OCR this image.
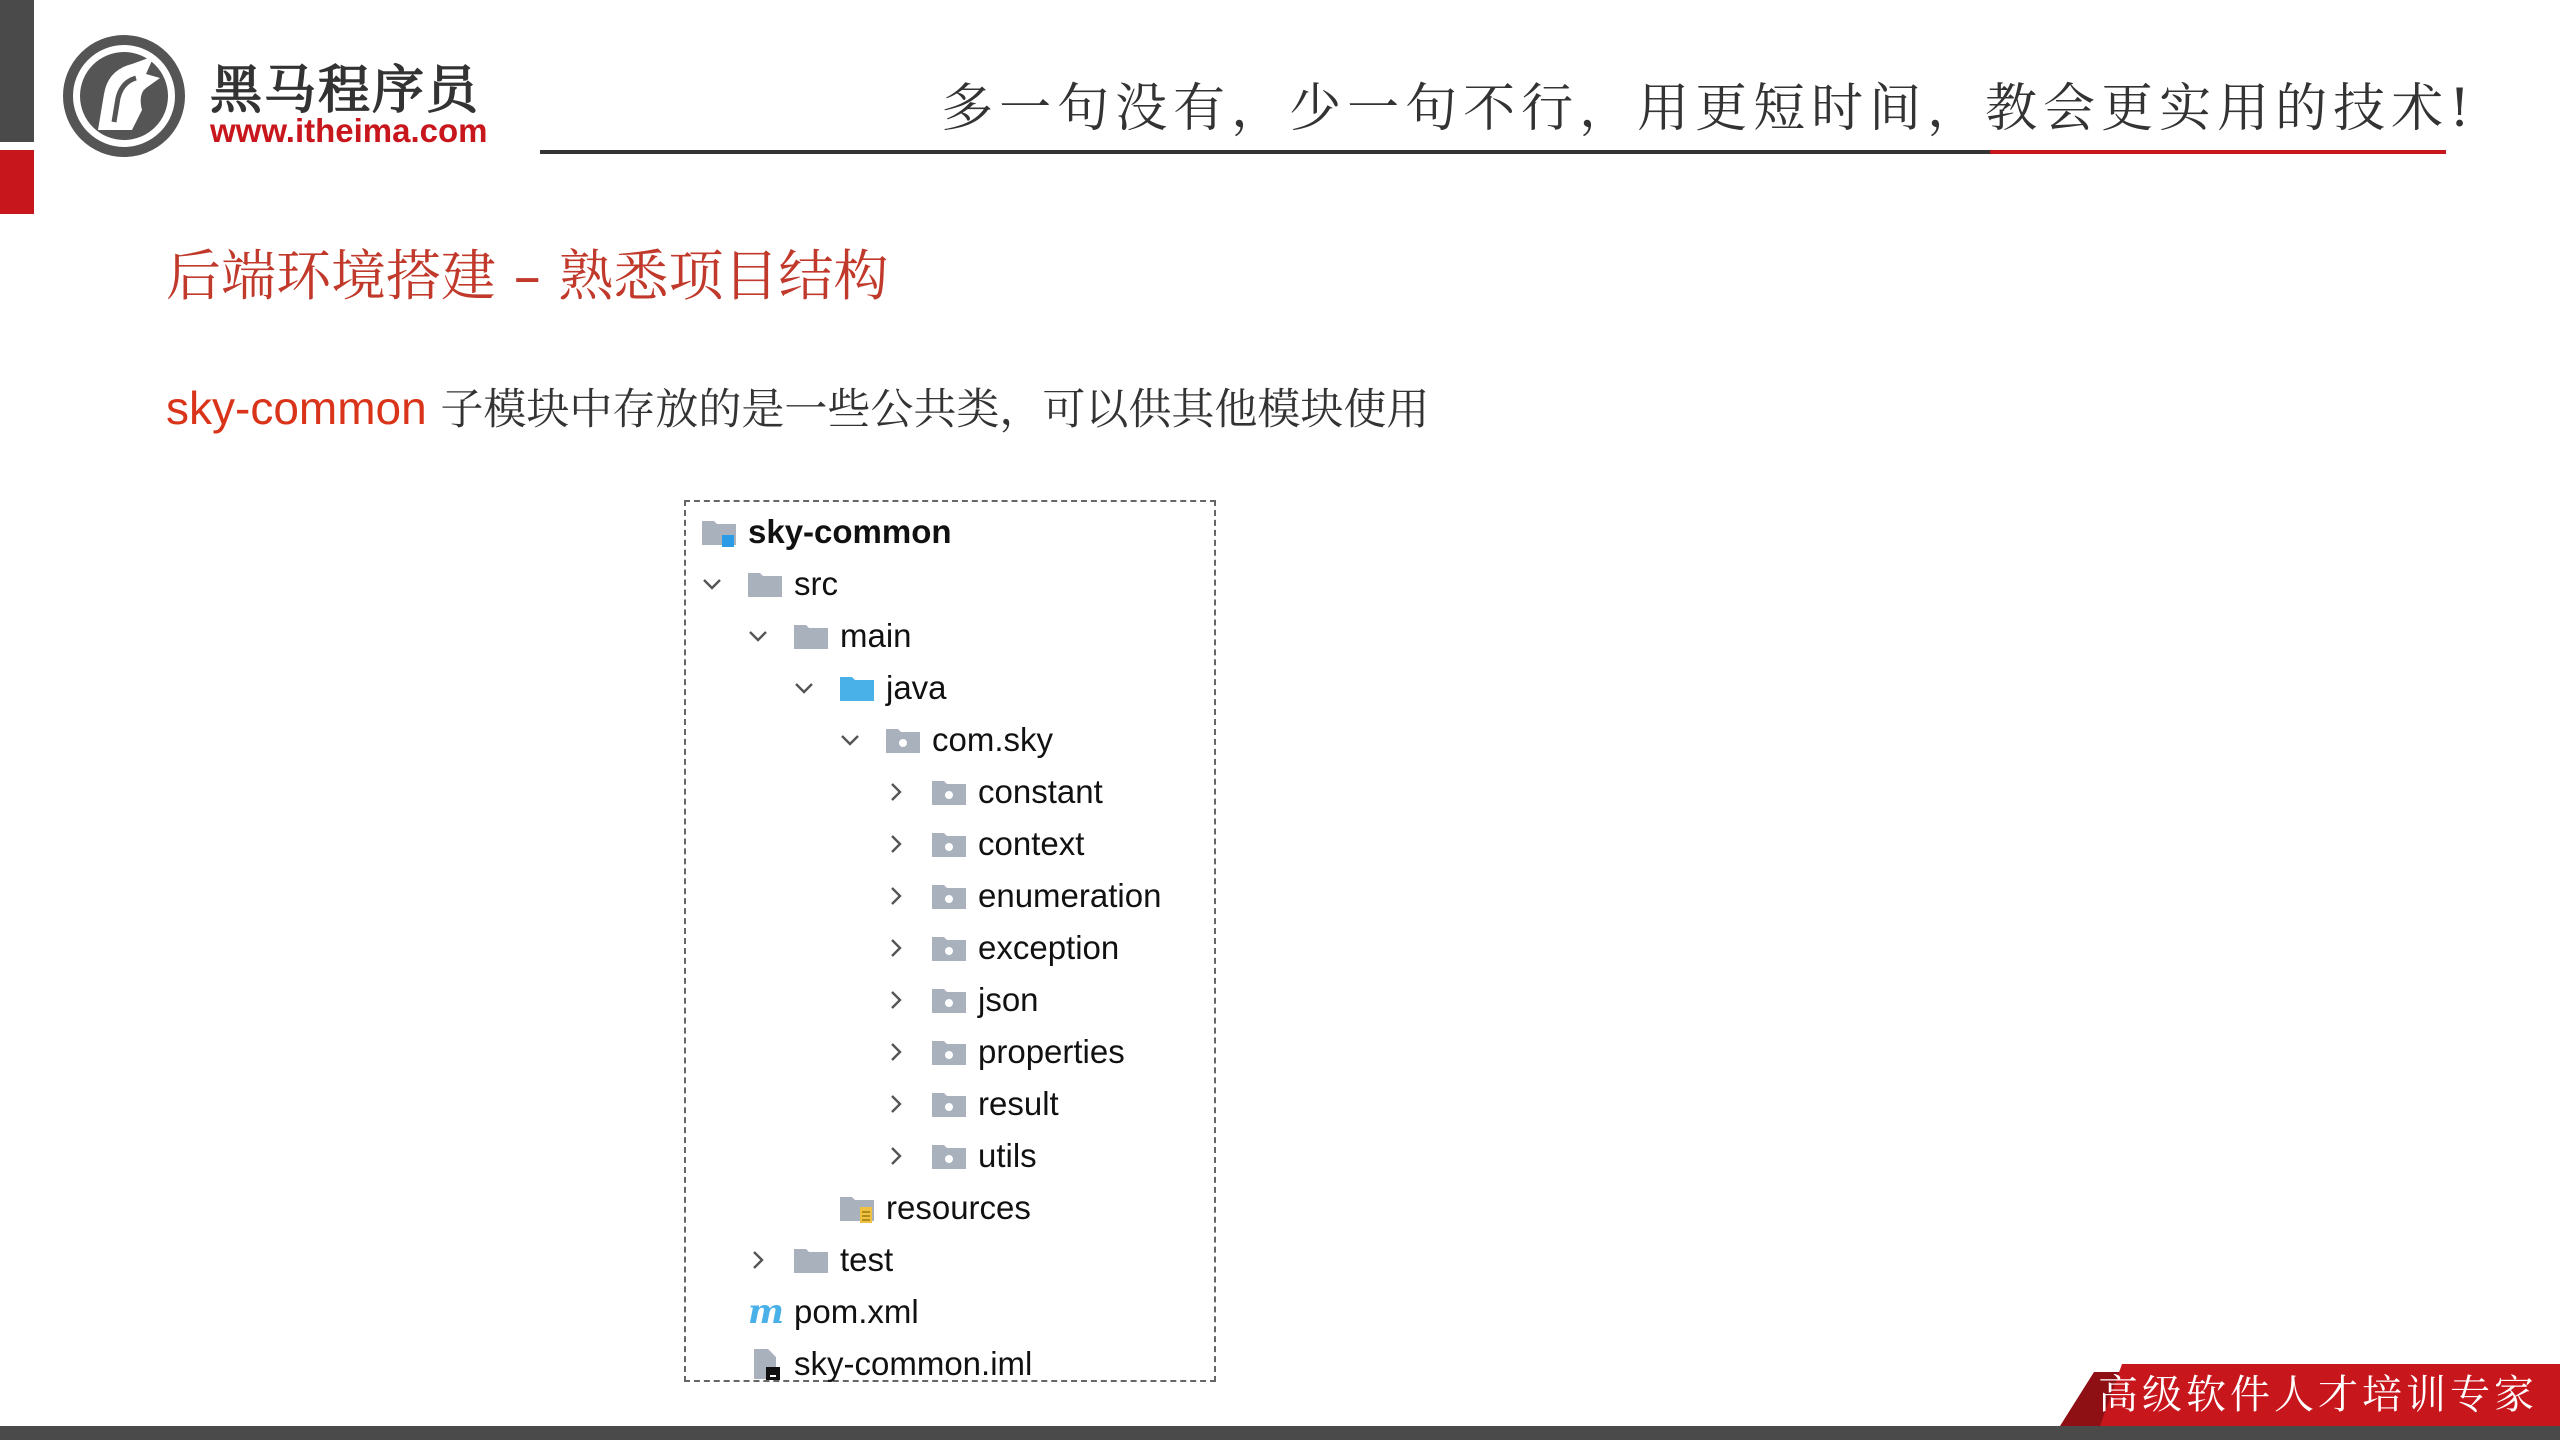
黑马程序员
www.itheima.com	多一句没有，少一句不行，用更短时间，教会更实用的技术!
后端环境搭建 – 熟悉项目结构
sky-common 子模块中存放的是一些公共类，可以供其他模块使用
sky-common
src
main
java
com.sky
constant
context
enumeration
exception
json
properties
result
utils
resources
test
m pom.xml
sky-common.iml
高级软件人才培训专家
